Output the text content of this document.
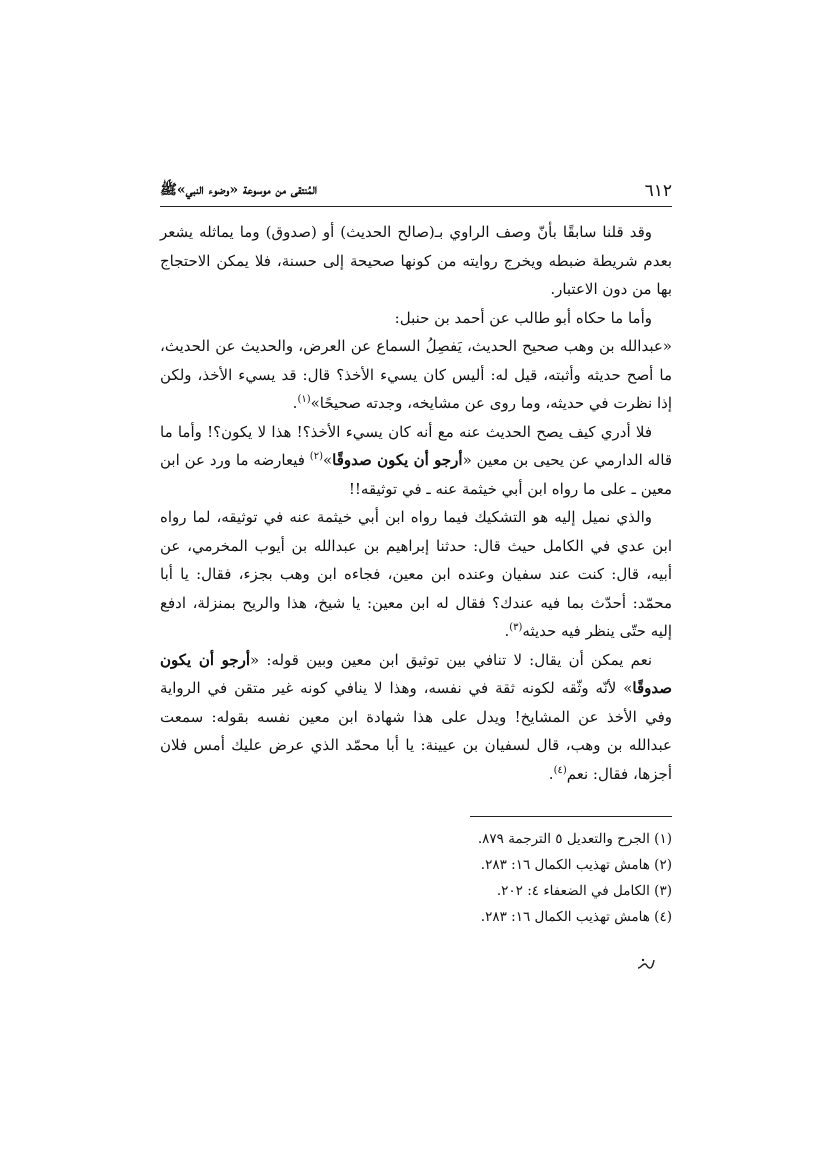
٦١٢
المُنتقى من موسوعة «وضوء النبي»ﷺ

وقد قلنا سابقًا بأنّ وصف الراوي بـ(صالح الحديث) أو (صدوق) وما يماثله يشعر بعدم شريطة ضبطه ويخرج روايته من كونها صحيحة إلى حسنة، فلا يمكن الاحتجاج بها من دون الاعتبار.

وأما ما حكاه أبو طالب عن أحمد بن حنبل:

«عبدالله بن وهب صحيح الحديث، يَفصِلُ السماع عن العرض، والحديث عن الحديث، ما أصح حديثه وأثبته، قيل له: أليس كان يسيء الأخذ؟ قال: قد يسيء الأخذ، ولكن إذا نظرت في حديثه، وما روى عن مشايخه، وجدته صحيحًا»$^{(١)}$.

فلا أدري كيف يصح الحديث عنه مع أنه كان يسيء الأخذ؟! هذا لا يكون؟! وأما ما قاله الدارمي عن يحيى بن معين «أرجو أن يكون صدوقًا»$^{(٢)}$ فيعارضه ما ورد عن ابن معين ـ على ما رواه ابن أبي خيثمة عنه ـ في توثيقه!!

والذي نميل إليه هو التشكيك فيما رواه ابن أبي خيثمة عنه في توثيقه، لما رواه ابن عدي في الكامل حيث قال: حدثنا إبراهيم بن عبدالله بن أيوب المخرمي، عن أبيه، قال: كنت عند سفيان وعنده ابن معين، فجاءه ابن وهب بجزء، فقال: يا أبا محمّد: أحدّث بما فيه عندك؟ فقال له ابن معين: يا شيخ، هذا والريح بمنزلة، ادفع إليه حتّى ينظر فيه حديثه$^{(٣)}$.

نعم يمكن أن يقال: لا تنافي بين توثيق ابن معين وبين قوله: «أرجو أن يكون صدوقًا» لأنّه وثّقه لكونه ثقة في نفسه، وهذا لا ينافي كونه غير متقن في الرواية وفي الأخذ عن المشايخ! ويدل على هذا شهادة ابن معين نفسه بقوله: سمعت عبدالله بن وهب، قال لسفيان بن عيينة: يا أبا محمّد الذي عرض عليك أمس فلان أجزها، فقال: نعم$^{(٤)}$.

(١) الجرح والتعديل ٥ الترجمة ٨٧٩.

(٢) هامش تهذيب الكمال ١٦: ٢٨٣.

(٣) الكامل في الضعفاء ٤: ٢٠٢.

(٤) هامش تهذيب الكمال ١٦: ٢٨٣.
